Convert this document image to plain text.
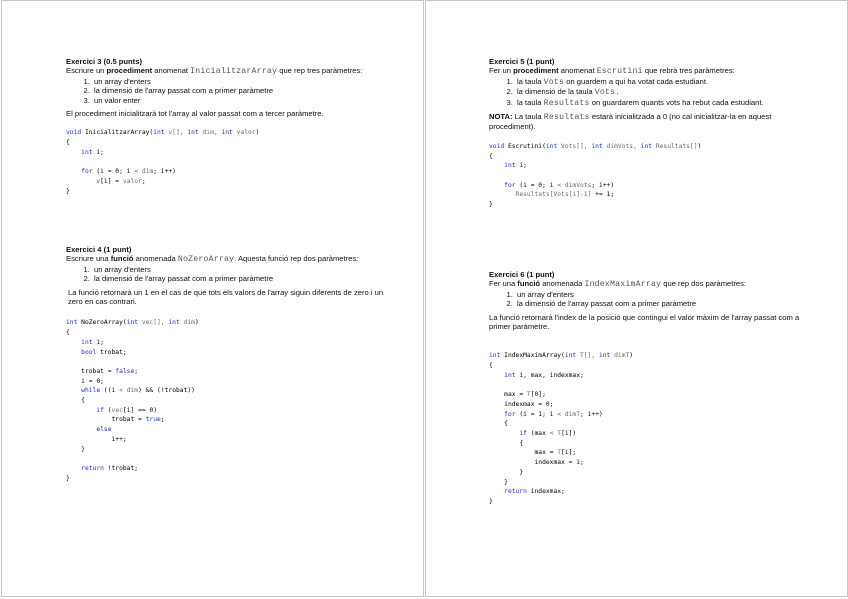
Exercici 3 (0.5 punts)

Escriure un procediment anomenat InicialitzarArray que rep tres paràmetres:

1. un array d'enters
2. la dimensió de l'array passat com a primer paràmetre
3. un valor enter

El procediment inicialitzarà tot l'array al valor passat com a tercer paràmetre.

void InicialitzarArray(int v[], int dim, int valor)
{
int i;

for (i = 0; i < dim; i++)
v[i] = valor;
}
Exercici 4 (1 punt)

Escriure una funció anomenada NoZeroArray. Aquesta funció rep dos paràmetres:

1. un array d'enters
2. la dimensió de l'array passat com a primer paràmetre

La funció retornarà un 1 en el cas de que tots els valors de l'array siguin diferents de zero i un zero en cas contrari.

int NoZeroArray(int vec[], int dim)
{
int i;
bool trobat;

trobat = false;
i = 0;
while ((i < dim) && (!trobat))
{
if (vec[i] == 0)
trobat = true;
else
i++;
}

return !trobat;
}
Exercici 5 (1 punt)

Fer un procediment anomenat Escrutini que rebrà tres paràmetres:

1. la taula Vots on guardem a qui ha votat cada estudiant.
2. la dimensió de la taula Vots.
3. la taula Resultats on guardarem quants vots ha rebut cada estudiant.

NOTA: La taula Resultats estarà inicialitzada a 0 (no cal inicialitzar-la en aquest procediment).

void Escrutini(int Vots[], int dimVots, int Resultats[])
{
int i;

for (i = 0; i < dimVots; i++)
Resultats[Vots[i]-1] += 1;
}
Exercici 6 (1 punt)

Fer una funció anomenada IndexMaximArray que rep dos paràmetres:

1. un array d'enters
2. la dimensió de l'array passat com a primer paràmetre

La funció retornarà l'index de la posició que contingui el valor màxim de l'array passat com a primer paràmetre.

int IndexMaximArray(int T[], int dimT)
{
int i, max, indexmax;

max = T[0];
indexmax = 0;
for (i = 1; i < dimT; i++)
{
if (max < T[i])
{
max = T[i];
indexmax = i;
}
}
return indexmax;
}
